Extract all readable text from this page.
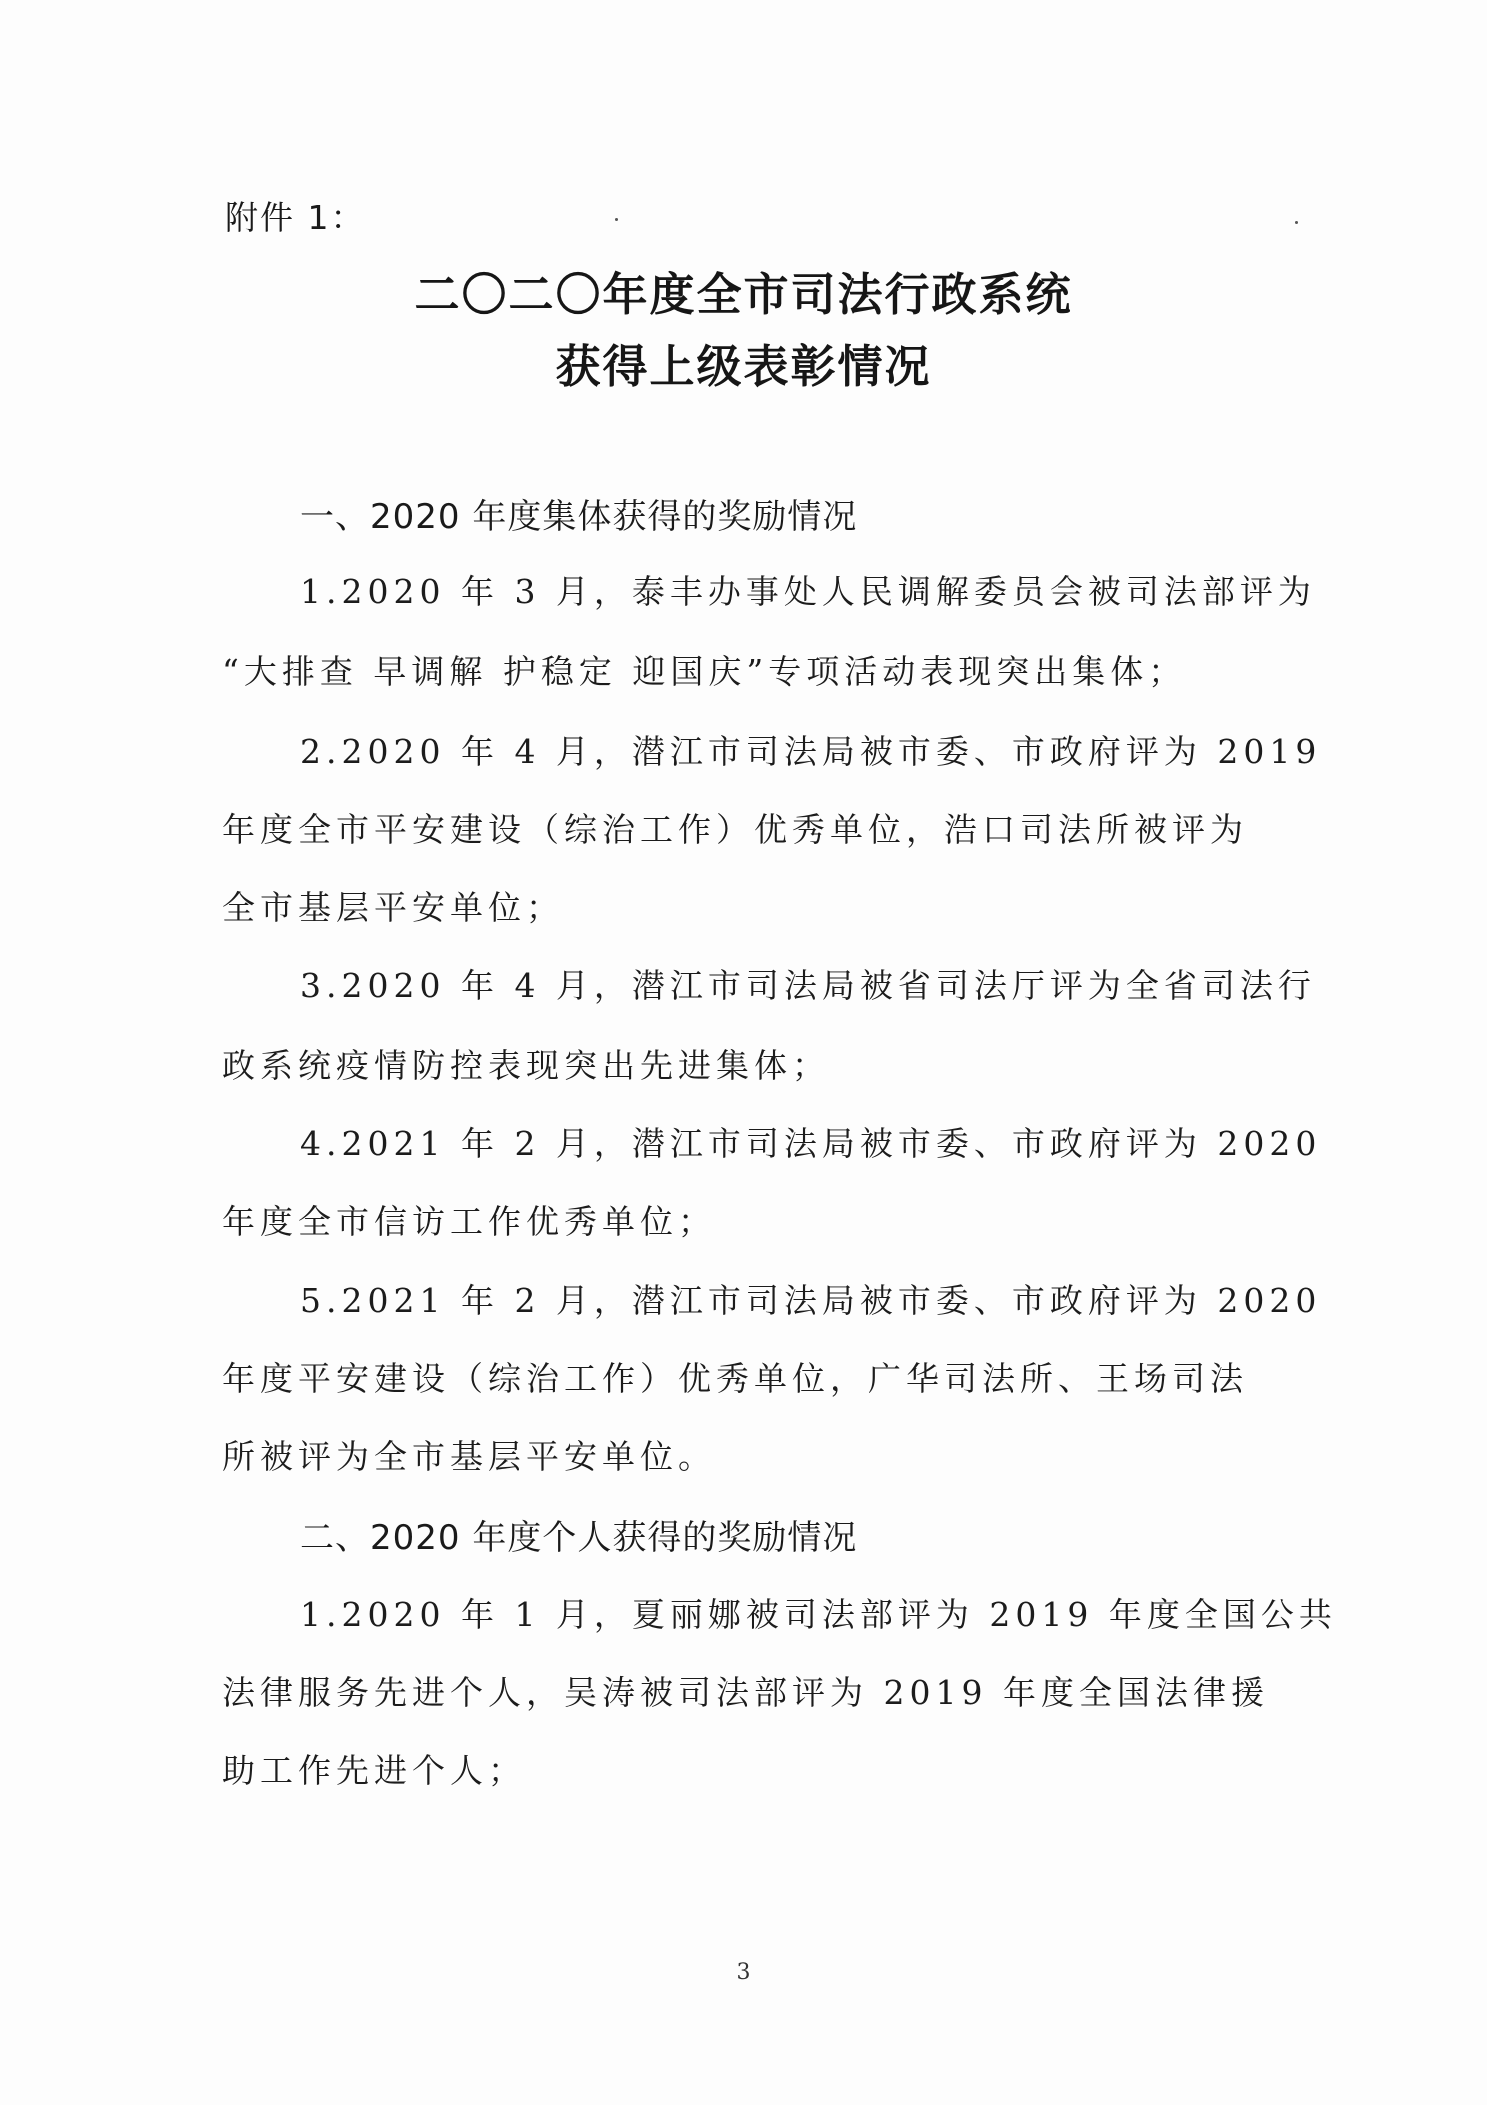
附件 1：
二〇二〇年度全市司法行政系统
获得上级表彰情况
一、2020 年度集体获得的奖励情况
1.2020 年 3 月，泰丰办事处人民调解委员会被司法部评为
“大排查 早调解 护稳定 迎国庆”专项活动表现突出集体；
2.2020 年 4 月，潜江市司法局被市委、市政府评为 2019
年度全市平安建设（综治工作）优秀单位，浩口司法所被评为
全市基层平安单位；
3.2020 年 4 月，潜江市司法局被省司法厅评为全省司法行
政系统疫情防控表现突出先进集体；
4.2021 年 2 月，潜江市司法局被市委、市政府评为 2020
年度全市信访工作优秀单位；
5.2021 年 2 月，潜江市司法局被市委、市政府评为 2020
年度平安建设（综治工作）优秀单位，广华司法所、王场司法
所被评为全市基层平安单位。
二、2020 年度个人获得的奖励情况
1.2020 年 1 月，夏丽娜被司法部评为 2019 年度全国公共
法律服务先进个人，吴涛被司法部评为 2019 年度全国法律援
助工作先进个人；
3
